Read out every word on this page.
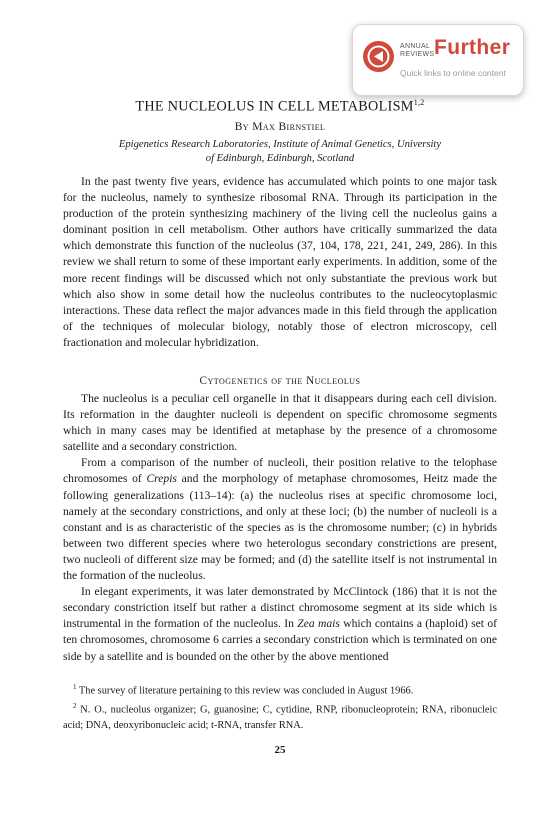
ANNUAL
REVIEWS Further
Quick links to online content
THE NUCLEOLUS IN CELL METABOLISM$^{1,2}$
By Max Birnstiel
Epigenetics Research Laboratories, Institute of Animal Genetics, University
of Edinburgh, Edinburgh, Scotland

In the past twenty five years, evidence has accumulated which points to one major task for the nucleolus, namely to synthesize ribosomal RNA. Through its participation in the production of the protein synthesizing machinery of the living cell the nucleolus gains a dominant position in cell metabolism. Other authors have critically summarized the data which demonstrate this function of the nucleolus (37, 104, 178, 221, 241, 249, 286). In this review we shall return to some of these important early experiments. In addition, some of the more recent findings will be discussed which not only substantiate the previous work but which also show in some detail how the nucleolus contributes to the nucleocytoplasmic interactions. These data reflect the major advances made in this field through the application of the techniques of molecular biology, notably those of electron microscopy, cell fractionation and molecular hybridization.

Cytogenetics of the Nucleolus

The nucleolus is a peculiar cell organelle in that it disappears during each cell division. Its reformation in the daughter nucleoli is dependent on specific chromosome segments which in many cases may be identified at metaphase by the presence of a chromosome satellite and a secondary constriction.

From a comparison of the number of nucleoli, their position relative to the telophase chromosomes of Crepis and the morphology of metaphase chromosomes, Heitz made the following generalizations (113–14): (a) the nucleolus rises at specific chromosome loci, namely at the secondary constrictions, and only at these loci; (b) the number of nucleoli is a constant and is as characteristic of the species as is the chromosome number; (c) in hybrids between two different species where two heterologus secondary constrictions are present, two nucleoli of different size may be formed; and (d) the satellite itself is not instrumental in the formation of the nucleolus.

In elegant experiments, it was later demonstrated by McClintock (186) that it is not the secondary constriction itself but rather a distinct chromosome segment at its side which is instrumental in the formation of the nucleolus. In Zea mais which contains a (haploid) set of ten chromosomes, chromosome 6 carries a secondary constriction which is terminated on one side by a satellite and is bounded on the other by the above mentioned

$^1$ The survey of literature pertaining to this review was concluded in August 1966.

$^2$ N. O., nucleolus organizer; G, guanosine; C, cytidine, RNP, ribonucleoprotein; RNA, ribonucleic acid; DNA, deoxyribonucleic acid; t-RNA, transfer RNA.

25
